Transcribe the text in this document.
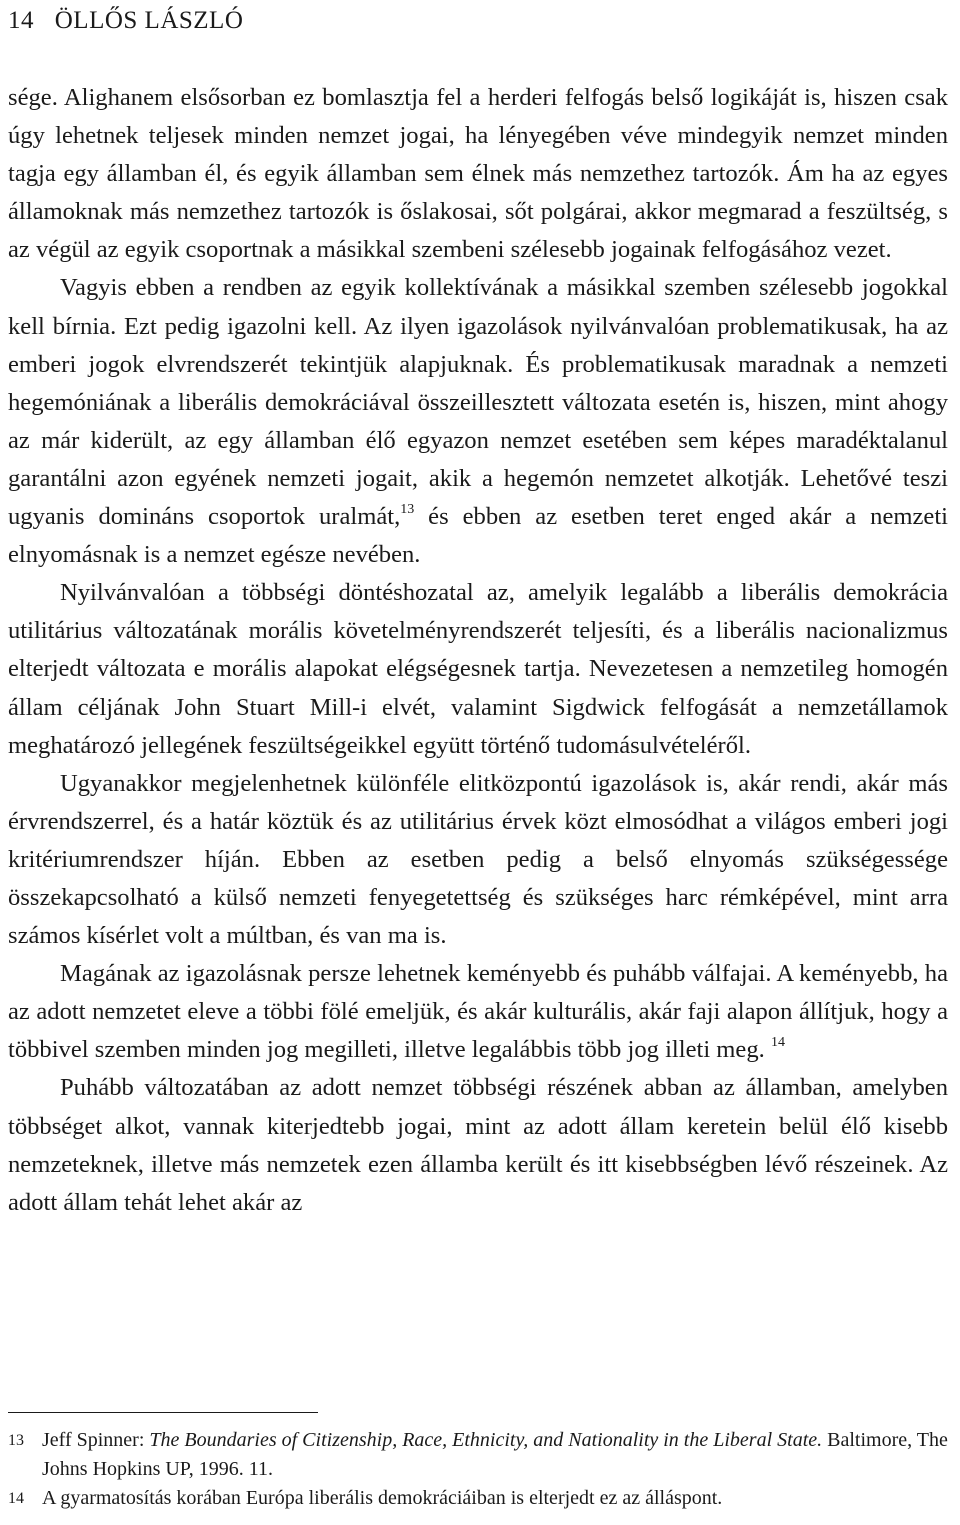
14 ÖLLŐS LÁSZLÓ

sége. Alighanem elsősorban ez bomlasztja fel a herderi felfogás belső logikáját is, hiszen csak úgy lehetnek teljesek minden nemzet jogai, ha lényegében véve mindegyik nemzet minden tagja egy államban él, és egyik államban sem élnek más nemzethez tartozók. Ám ha az egyes államoknak más nemzethez tartozók is őslakosai, sőt polgárai, akkor megmarad a feszültség, s az végül az egyik csoportnak a másikkal szembeni szélesebb jogainak felfogásához vezet.

Vagyis ebben a rendben az egyik kollektívának a másikkal szemben szélesebb jogokkal kell bírnia. Ezt pedig igazolni kell. Az ilyen igazolások nyilvánvalóan problematikusak, ha az emberi jogok elvrendszerét tekintjük alapjuknak. És problematikusak maradnak a nemzeti hegemóniának a liberális demokráciával összeillesztett változata esetén is, hiszen, mint ahogy az már kiderült, az egy államban élő egyazon nemzet esetében sem képes maradéktalanul garantálni azon egyének nemzeti jogait, akik a hegemón nemzetet alkotják. Lehetővé teszi ugyanis domináns csoportok uralmát,$^{13}$ és ebben az esetben teret enged akár a nemzeti elnyomásnak is a nemzet egésze nevében.

Nyilvánvalóan a többségi döntéshozatal az, amelyik legalább a liberális demokrácia utilitárius változatának morális követelményrendszerét teljesíti, és a liberális nacionalizmus elterjedt változata e morális alapokat elégségesnek tartja. Nevezetesen a nemzetileg homogén állam céljának John Stuart Mill-i elvét, valamint Sigdwick felfogását a nemzetállamok meghatározó jellegének feszültségeikkel együtt történő tudomásulvételéről.

Ugyanakkor megjelenhetnek különféle elitközpontú igazolások is, akár rendi, akár más érvrendszerrel, és a határ köztük és az utilitárius érvek közt elmosódhat a világos emberi jogi kritériumrendszer híján. Ebben az esetben pedig a belső elnyomás szükségessége összekapcsolható a külső nemzeti fenyegetettség és szükséges harc rémképével, mint arra számos kísérlet volt a múltban, és van ma is.

Magának az igazolásnak persze lehetnek keményebb és puhább válfajai. A keményebb, ha az adott nemzetet eleve a többi fölé emeljük, és akár kulturális, akár faji alapon állítjuk, hogy a többivel szemben minden jog megilleti, illetve legalábbis több jog illeti meg. $^{14}$

Puhább változatában az adott nemzet többségi részének abban az államban, amelyben többséget alkot, vannak kiterjedtebb jogai, mint az adott állam keretein belül élő kisebb nemzeteknek, illetve más nemzetek ezen államba került és itt kisebbségben lévő részeinek. Az adott állam tehát lehet akár az

13 Jeff Spinner: The Boundaries of Citizenship, Race, Ethnicity, and Nationality in the Liberal State. Baltimore, The Johns Hopkins UP, 1996. 11.

14 A gyarmatosítás korában Európa liberális demokráciáiban is elterjedt ez az álláspont.
